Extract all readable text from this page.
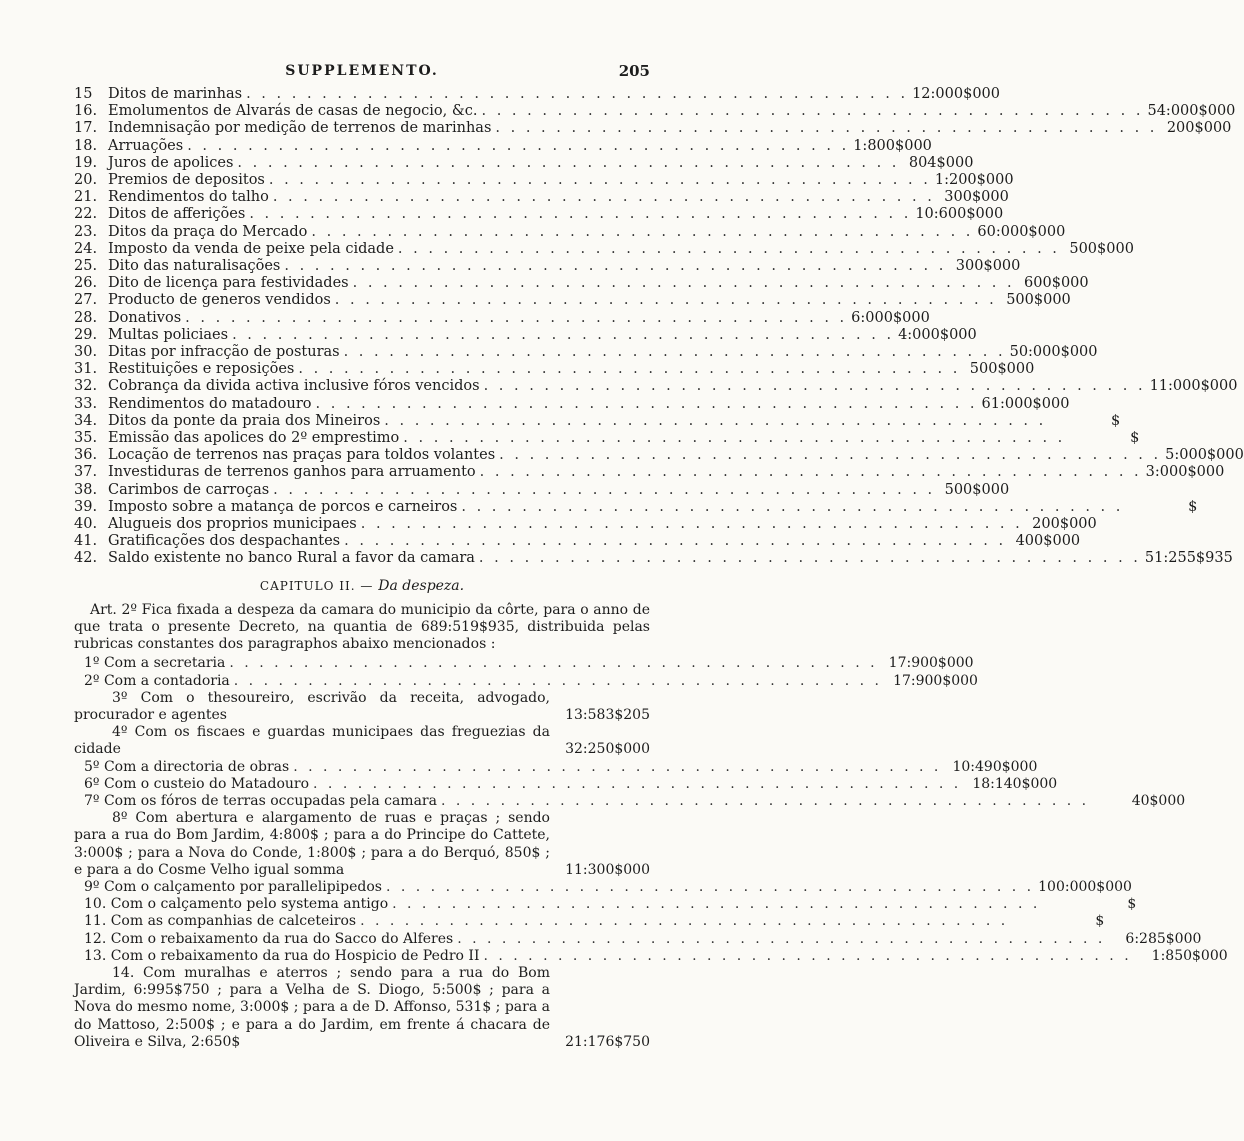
SUPPLEMENTO.	205
15	Ditos de marinhas . . . . . . . . . . . . . . . . . . . . . . . . . . . . . . . . . . . . . . . . . . . . 12:000$000
16. Emolumentos de Alvarás de casas de negocio, &c. . . . . . . . . . . . . . . . . . . . . . . . . . . . . . . . . . . . . . . . . . . . . 54:000$000
17. Indemnisação por medição de terrenos de marinhas . . . . . . . . . . . . . . . . . . . . . . . . . . . . . . . . . . . . . . . . . . . . 200$000
18. Arruações . . . . . . . . . . . . . . . . . . . . . . . . . . . . . . . . . . . . . . . . . . . . 1:800$000
19. Juros de apolices . . . . . . . . . . . . . . . . . . . . . . . . . . . . . . . . . . . . . . . . . . . . 804$000
20. Premios de depositos . . . . . . . . . . . . . . . . . . . . . . . . . . . . . . . . . . . . . . . . . . . . 1:200$000
21. Rendimentos do talho . . . . . . . . . . . . . . . . . . . . . . . . . . . . . . . . . . . . . . . . . . . . 300$000
22. Ditos de afferições . . . . . . . . . . . . . . . . . . . . . . . . . . . . . . . . . . . . . . . . . . . . 10:600$000
23. Ditos da praça do Mercado . . . . . . . . . . . . . . . . . . . . . . . . . . . . . . . . . . . . . . . . . . . . 60:000$000
24. Imposto da venda de peixe pela cidade . . . . . . . . . . . . . . . . . . . . . . . . . . . . . . . . . . . . . . . . . . . . 500$000
25. Dito das naturalisações . . . . . . . . . . . . . . . . . . . . . . . . . . . . . . . . . . . . . . . . . . . . 300$000
26. Dito de licença para festividades . . . . . . . . . . . . . . . . . . . . . . . . . . . . . . . . . . . . . . . . . . . . 600$000
27. Producto de generos vendidos . . . . . . . . . . . . . . . . . . . . . . . . . . . . . . . . . . . . . . . . . . . . 500$000
28. Donativos . . . . . . . . . . . . . . . . . . . . . . . . . . . . . . . . . . . . . . . . . . . . 6:000$000
29. Multas policiaes . . . . . . . . . . . . . . . . . . . . . . . . . . . . . . . . . . . . . . . . . . . . 4:000$000
30. Ditas por infracção de posturas . . . . . . . . . . . . . . . . . . . . . . . . . . . . . . . . . . . . . . . . . . . . 50:000$000
31. Restituições e reposições . . . . . . . . . . . . . . . . . . . . . . . . . . . . . . . . . . . . . . . . . . . . 500$000
32. Cobrança da divida activa inclusive fóros vencidos . . . . . . . . . . . . . . . . . . . . . . . . . . . . . . . . . . . . . . . . . . . . 11:000$000
33. Rendimentos do matadouro . . . . . . . . . . . . . . . . . . . . . . . . . . . . . . . . . . . . . . . . . . . . 61:000$000
34. Ditos da ponte da praia dos Mineiros . . . . . . . . . . . . . . . . . . . . . . . . . . . . . . . . . . . . . . . . . . . .	$
35. Emissão das apolices do 2º emprestimo . . . . . . . . . . . . . . . . . . . . . . . . . . . . . . . . . . . . . . . . . . . .	$
36. Locação de terrenos nas praças para toldos volantes . . . . . . . . . . . . . . . . . . . . . . . . . . . . . . . . . . . . . . . . . . . . 5:000$000
37. Investiduras de terrenos ganhos para arruamento . . . . . . . . . . . . . . . . . . . . . . . . . . . . . . . . . . . . . . . . . . . . 3:000$000
38. Carimbos de carroças . . . . . . . . . . . . . . . . . . . . . . . . . . . . . . . . . . . . . . . . . . . . 500$000
39. Imposto sobre a matança de porcos e carneiros . . . . . . . . . . . . . . . . . . . . . . . . . . . . . . . . . . . . . . . . . . . .	$
40. Alugueis dos proprios municipaes . . . . . . . . . . . . . . . . . . . . . . . . . . . . . . . . . . . . . . . . . . . . 200$000
41. Gratificações dos despachantes . . . . . . . . . . . . . . . . . . . . . . . . . . . . . . . . . . . . . . . . . . . . 400$000
42. Saldo existente no banco Rural a favor da camara . . . . . . . . . . . . . . . . . . . . . . . . . . . . . . . . . . . . . . . . . . . . 51:255$935
CAPITULO II. — Da despeza.
Art. 2º Fica fixada a despeza da camara do municipio da côrte, para o anno de que trata o presente Decreto, na quantia de 689:519$935, distribuida pelas rubricas constantes dos paragraphos abaixo mencionados :
1º Com a secretaria . . . . . . . . . . . . . . . . . . . . . . . . . . . . . . . . . . . . . . . . . . . . 17:900$000
2º Com a contadoria . . . . . . . . . . . . . . . . . . . . . . . . . . . . . . . . . . . . . . . . . . . . 17:900$000
3º Com o thesoureiro, escrivão da receita, advogado, procurador e agentes	13:583$205
4º Com os fiscaes e guardas municipaes das freguezias da cidade	32:250$000
5º Com a directoria de obras . . . . . . . . . . . . . . . . . . . . . . . . . . . . . . . . . . . . . . . . . . . . 10:490$000
6º Com o custeio do Matadouro . . . . . . . . . . . . . . . . . . . . . . . . . . . . . . . . . . . . . . . . . . . . 18:140$000
7º Com os fóros de terras occupadas pela camara . . . . . . . . . . . . . . . . . . . . . . . . . . . . . . . . . . . . . . . . . . . .	40$000
8º Com abertura e alargamento de ruas e praças ; sendo para a rua do Bom Jardim, 4:800$ ; para a do Principe do Cattete, 3:000$ ; para a Nova do Conde, 1:800$ ; para a do Berquó, 850$ ; e para a do Cosme Velho igual somma	11:300$000
9º Com o calçamento por parallelipipedos . . . . . . . . . . . . . . . . . . . . . . . . . . . . . . . . . . . . . . . . . . . . 100:000$000
10. Com o calçamento pelo systema antigo . . . . . . . . . . . . . . . . . . . . . . . . . . . . . . . . . . . . . . . . . . . .	$
11. Com as companhias de calceteiros . . . . . . . . . . . . . . . . . . . . . . . . . . . . . . . . . . . . . . . . . . . .	$
12. Com o rebaixamento da rua do Sacco do Alferes . . . . . . . . . . . . . . . . . . . . . . . . . . . . . . . . . . . . . . . . . . . .	6:285$000
13. Com o rebaixamento da rua do Hospicio de Pedro II . . . . . . . . . . . . . . . . . . . . . . . . . . . . . . . . . . . . . . . . . . . .	1:850$000
14. Com muralhas e aterros ; sendo para a rua do Bom Jardim, 6:995$750 ; para a Velha de S. Diogo, 5:500$ ; para a Nova do mesmo nome, 3:000$ ; para a de D. Affonso, 531$ ; para a do Mattoso, 2:500$ ; e para a do Jardim, em frente á chacara de Oliveira e Silva, 2:650$	21:176$750
